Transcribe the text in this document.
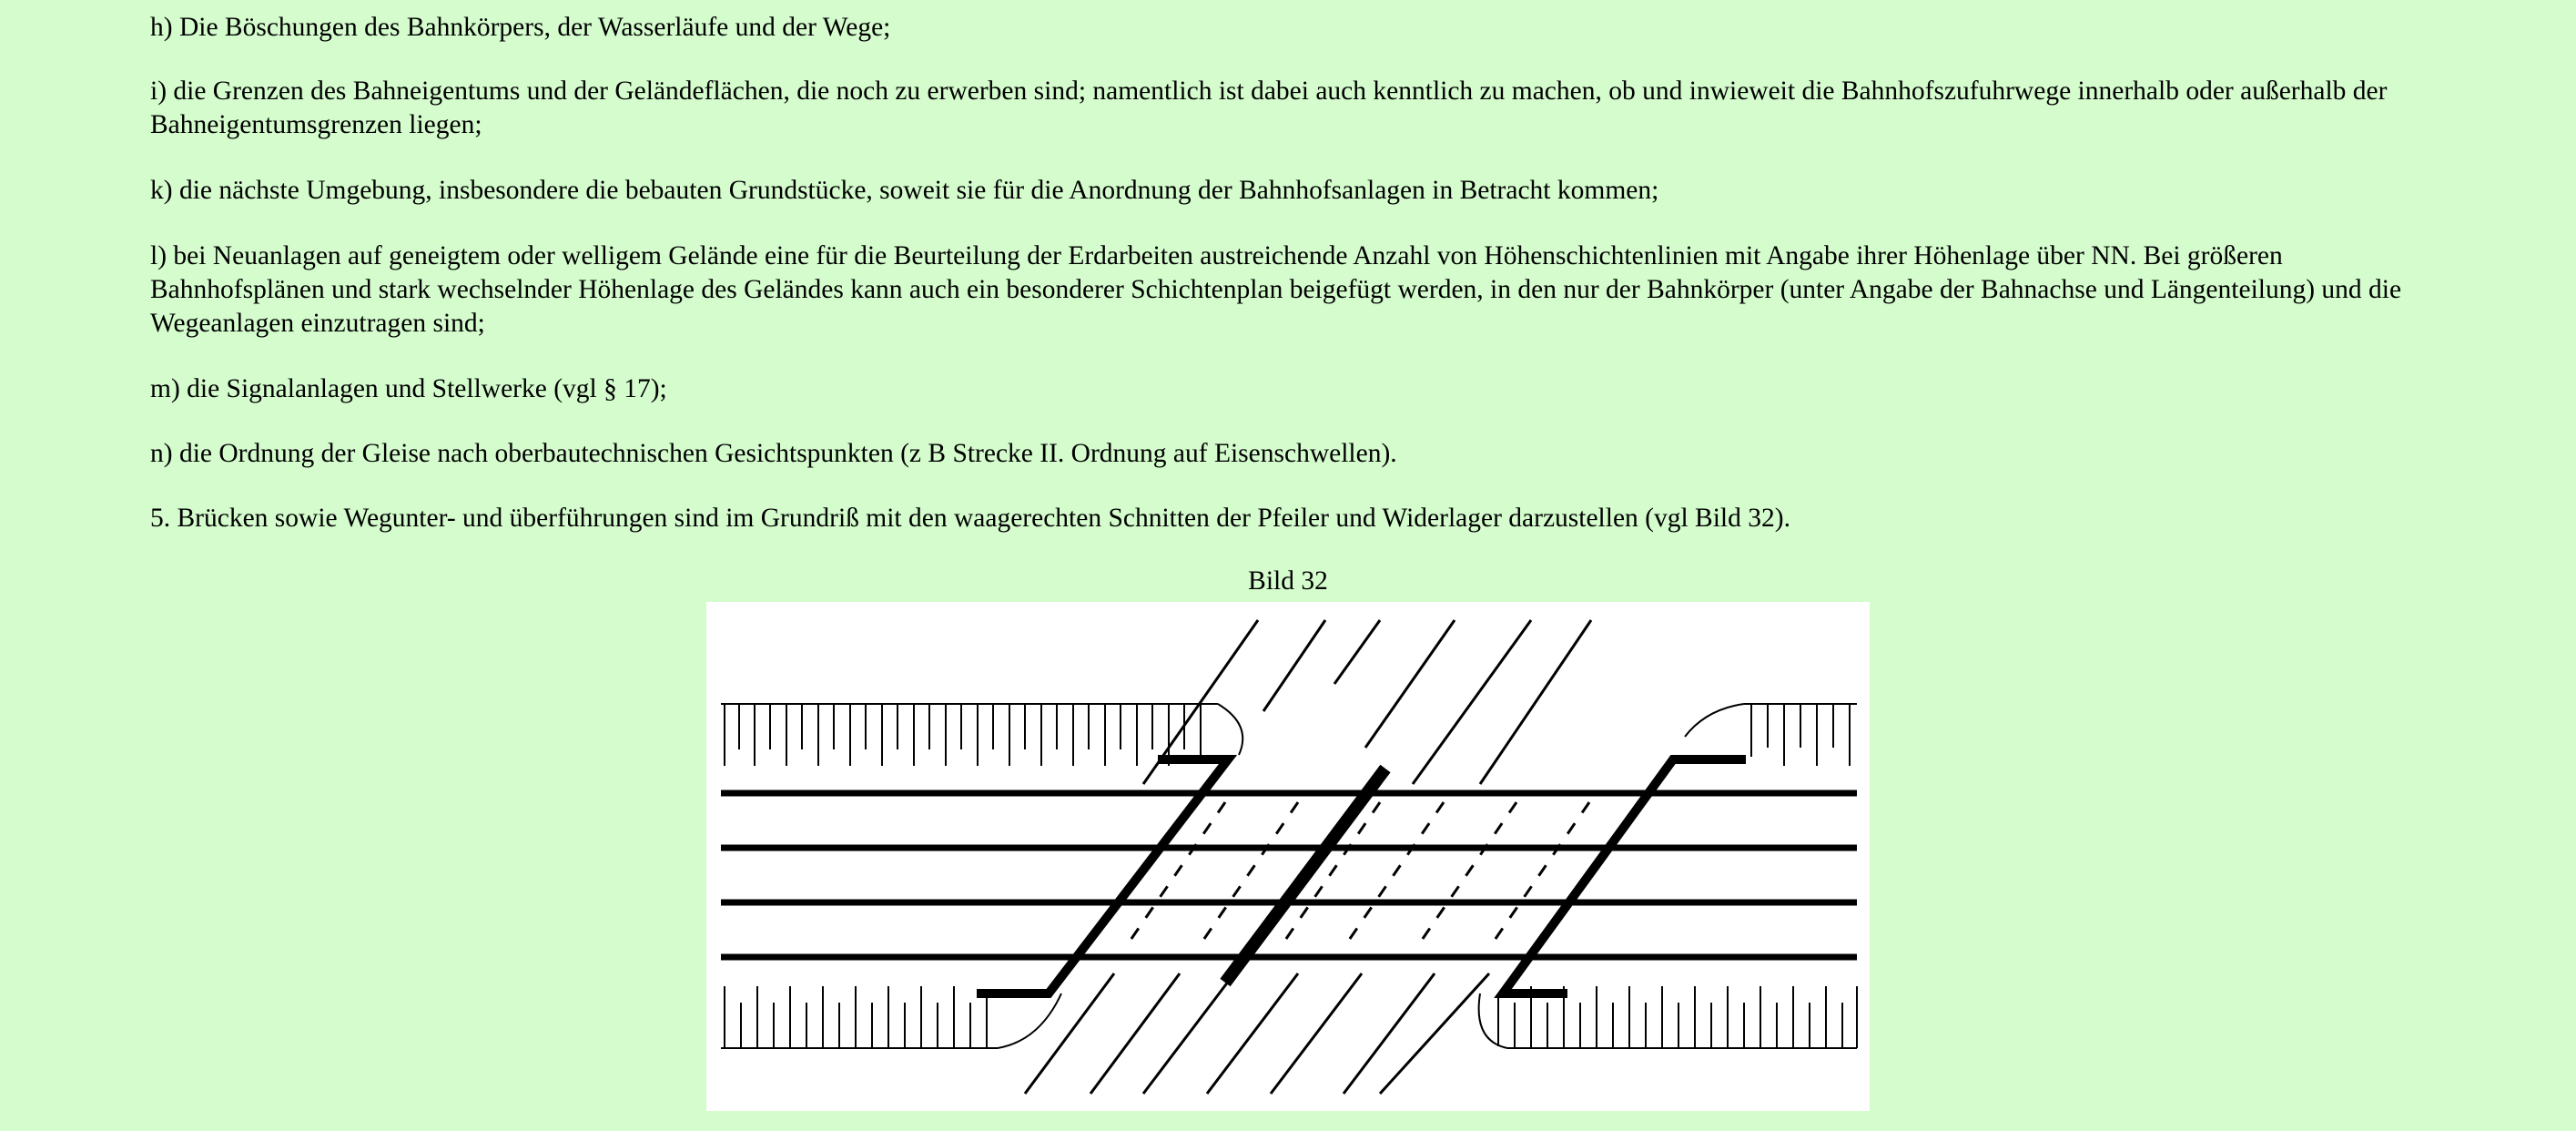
h) Die Böschungen des Bahnkörpers, der Wasserläufe und der Wege;

i) die Grenzen des Bahneigentums und der Geländeflächen, die noch zu erwerben sind; namentlich ist dabei auch kenntlich zu machen, ob und inwieweit die Bahnhofszufuhrwege innerhalb oder außerhalb der Bahneigentumsgrenzen liegen;

k) die nächste Umgebung, insbesondere die bebauten Grundstücke, soweit sie für die Anordnung der Bahnhofsanlagen in Betracht kommen;

l) bei Neuanlagen auf geneigtem oder welligem Gelände eine für die Beurteilung der Erdarbeiten austreichende Anzahl von Höhenschichtenlinien mit Angabe ihrer Höhenlage über NN. Bei größeren Bahnhofsplänen und stark wechselnder Höhenlage des Geländes kann auch ein besonderer Schichtenplan beigefügt werden, in den nur der Bahnkörper (unter Angabe der Bahnachse und Längenteilung) und die Wegeanlagen einzutragen sind;

m) die Signalanlagen und Stellwerke (vgl § 17);

n) die Ordnung der Gleise nach oberbautechnischen Gesichtspunkten (z B Strecke II. Ordnung auf Eisenschwellen).

5. Brücken sowie Wegunter- und überführungen sind im Grundriß mit den waagerechten Schnitten der Pfeiler und Widerlager darzustellen (vgl Bild 32).

Bild 32
